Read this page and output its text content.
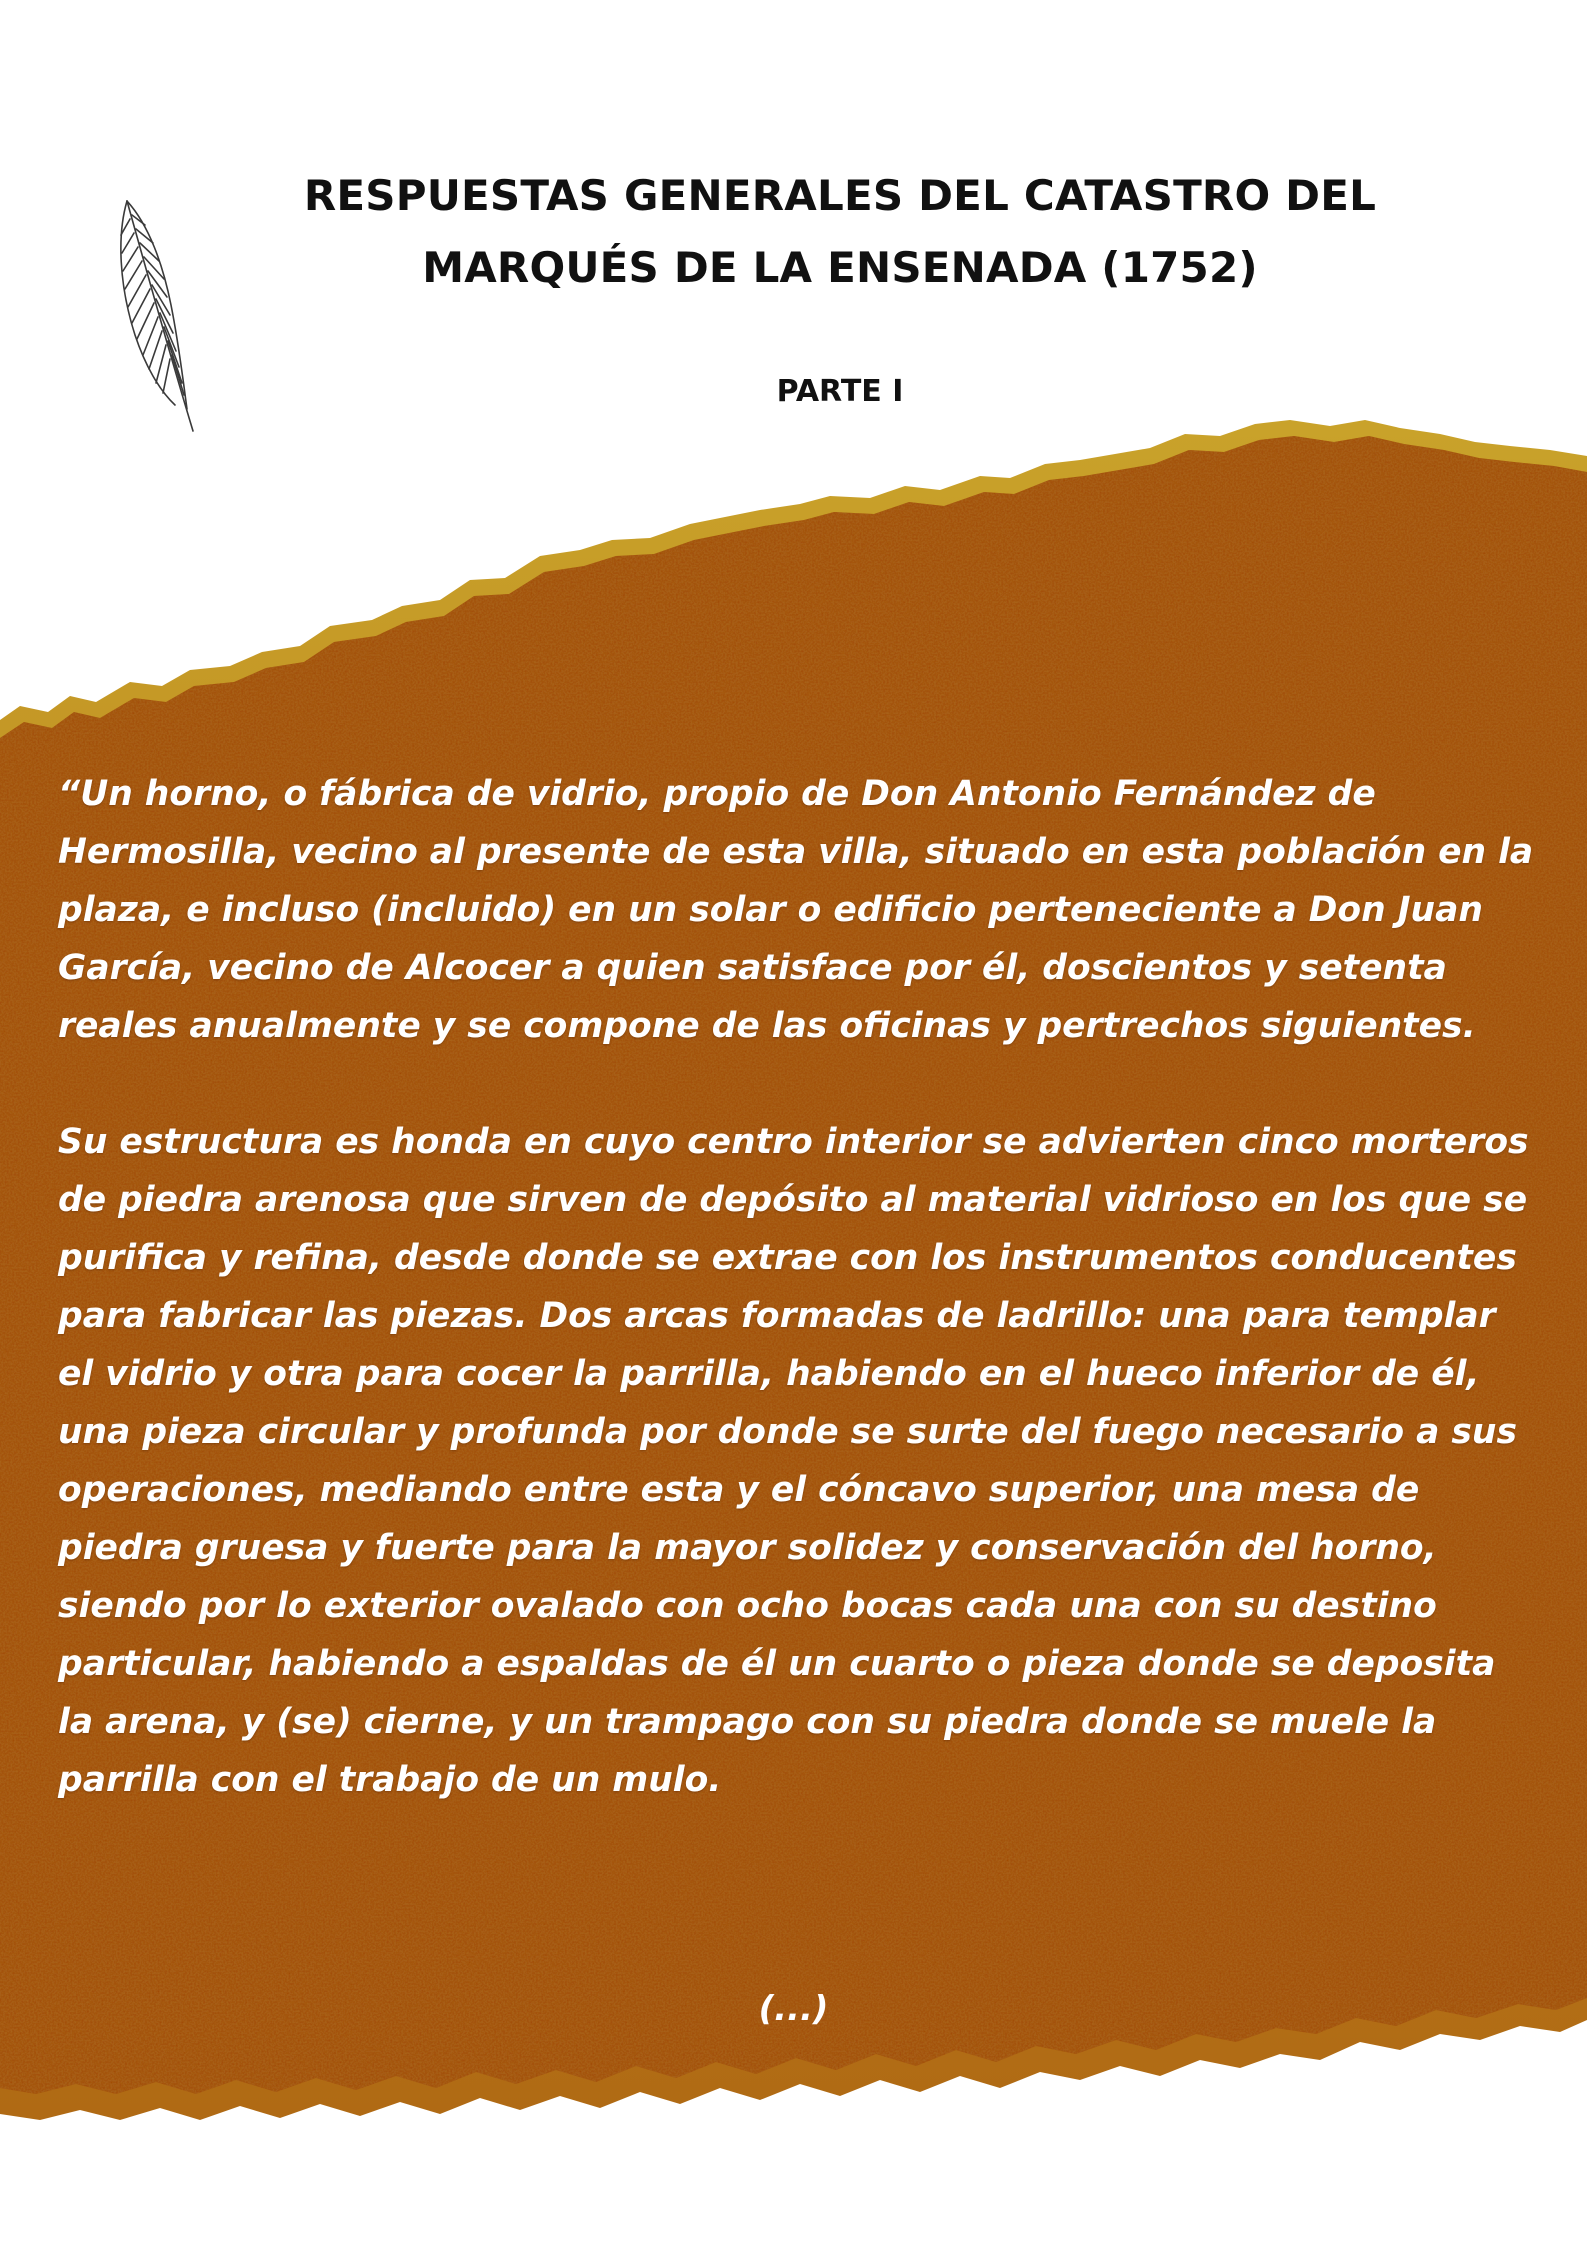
RESPUESTAS GENERALES DEL CATASTRO DEL
MARQUÉS DE LA ENSENADA (1752)

PARTE I

“Un horno, o fábrica de vidrio, propio de Don Antonio Fernández de Hermosilla, vecino al presente de esta villa, situado en esta población en la plaza, e incluso (incluido) en un solar o edificio perteneciente a Don Juan García, vecino de Alcocer a quien satisface por él, doscientos y setenta reales anualmente y se compone de las oficinas y pertrechos siguientes.

Su estructura es honda en cuyo centro interior se advierten cinco morteros de piedra arenosa que sirven de depósito al material vidrioso en los que se purifica y refina, desde donde se extrae con los instrumentos conducentes para fabricar las piezas. Dos arcas formadas de ladrillo: una para templar el vidrio y otra para cocer la parrilla, habiendo en el hueco inferior de él, una pieza circular y profunda por donde se surte del fuego necesario a sus operaciones, mediando entre esta y el cóncavo superior, una mesa de piedra gruesa y fuerte para la mayor solidez y conservación del horno, siendo por lo exterior ovalado con ocho bocas cada una con su destino particular, habiendo a espaldas de él un cuarto o pieza donde se deposita la arena, y (se) cierne, y un trampago con su piedra donde se muele la parrilla con el trabajo de un mulo.

(...)
